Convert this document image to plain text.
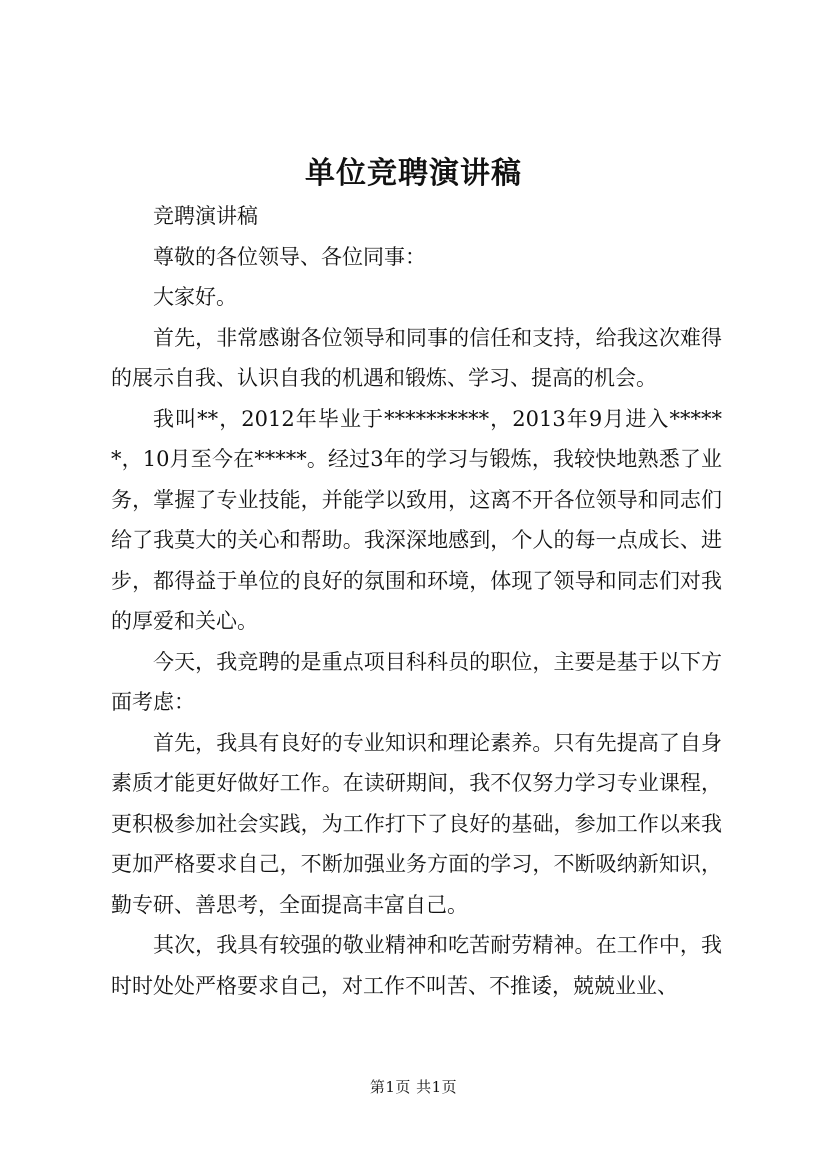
单位竞聘演讲稿

竞聘演讲稿

尊敬的各位领导、各位同事：

大家好。

首先，非常感谢各位领导和同事的信任和支持，给我这次难得的展示自我、认识自我的机遇和锻炼、学习、提高的机会。

我叫**，2012年毕业于**********，2013年9月进入******，10月至今在*****。经过3年的学习与锻炼，我较快地熟悉了业务，掌握了专业技能，并能学以致用，这离不开各位领导和同志们给了我莫大的关心和帮助。我深深地感到，个人的每一点成长、进步，都得益于单位的良好的氛围和环境，体现了领导和同志们对我的厚爱和关心。

今天，我竞聘的是重点项目科科员的职位，主要是基于以下方面考虑：

首先，我具有良好的专业知识和理论素养。只有先提高了自身素质才能更好做好工作。在读研期间，我不仅努力学习专业课程，更积极参加社会实践，为工作打下了良好的基础，参加工作以来我更加严格要求自己，不断加强业务方面的学习，不断吸纳新知识，勤专研、善思考，全面提高丰富自己。

其次，我具有较强的敬业精神和吃苦耐劳精神。在工作中，我时时处处严格要求自己，对工作不叫苦、不推诿，兢兢业业、

第1页 共1页
